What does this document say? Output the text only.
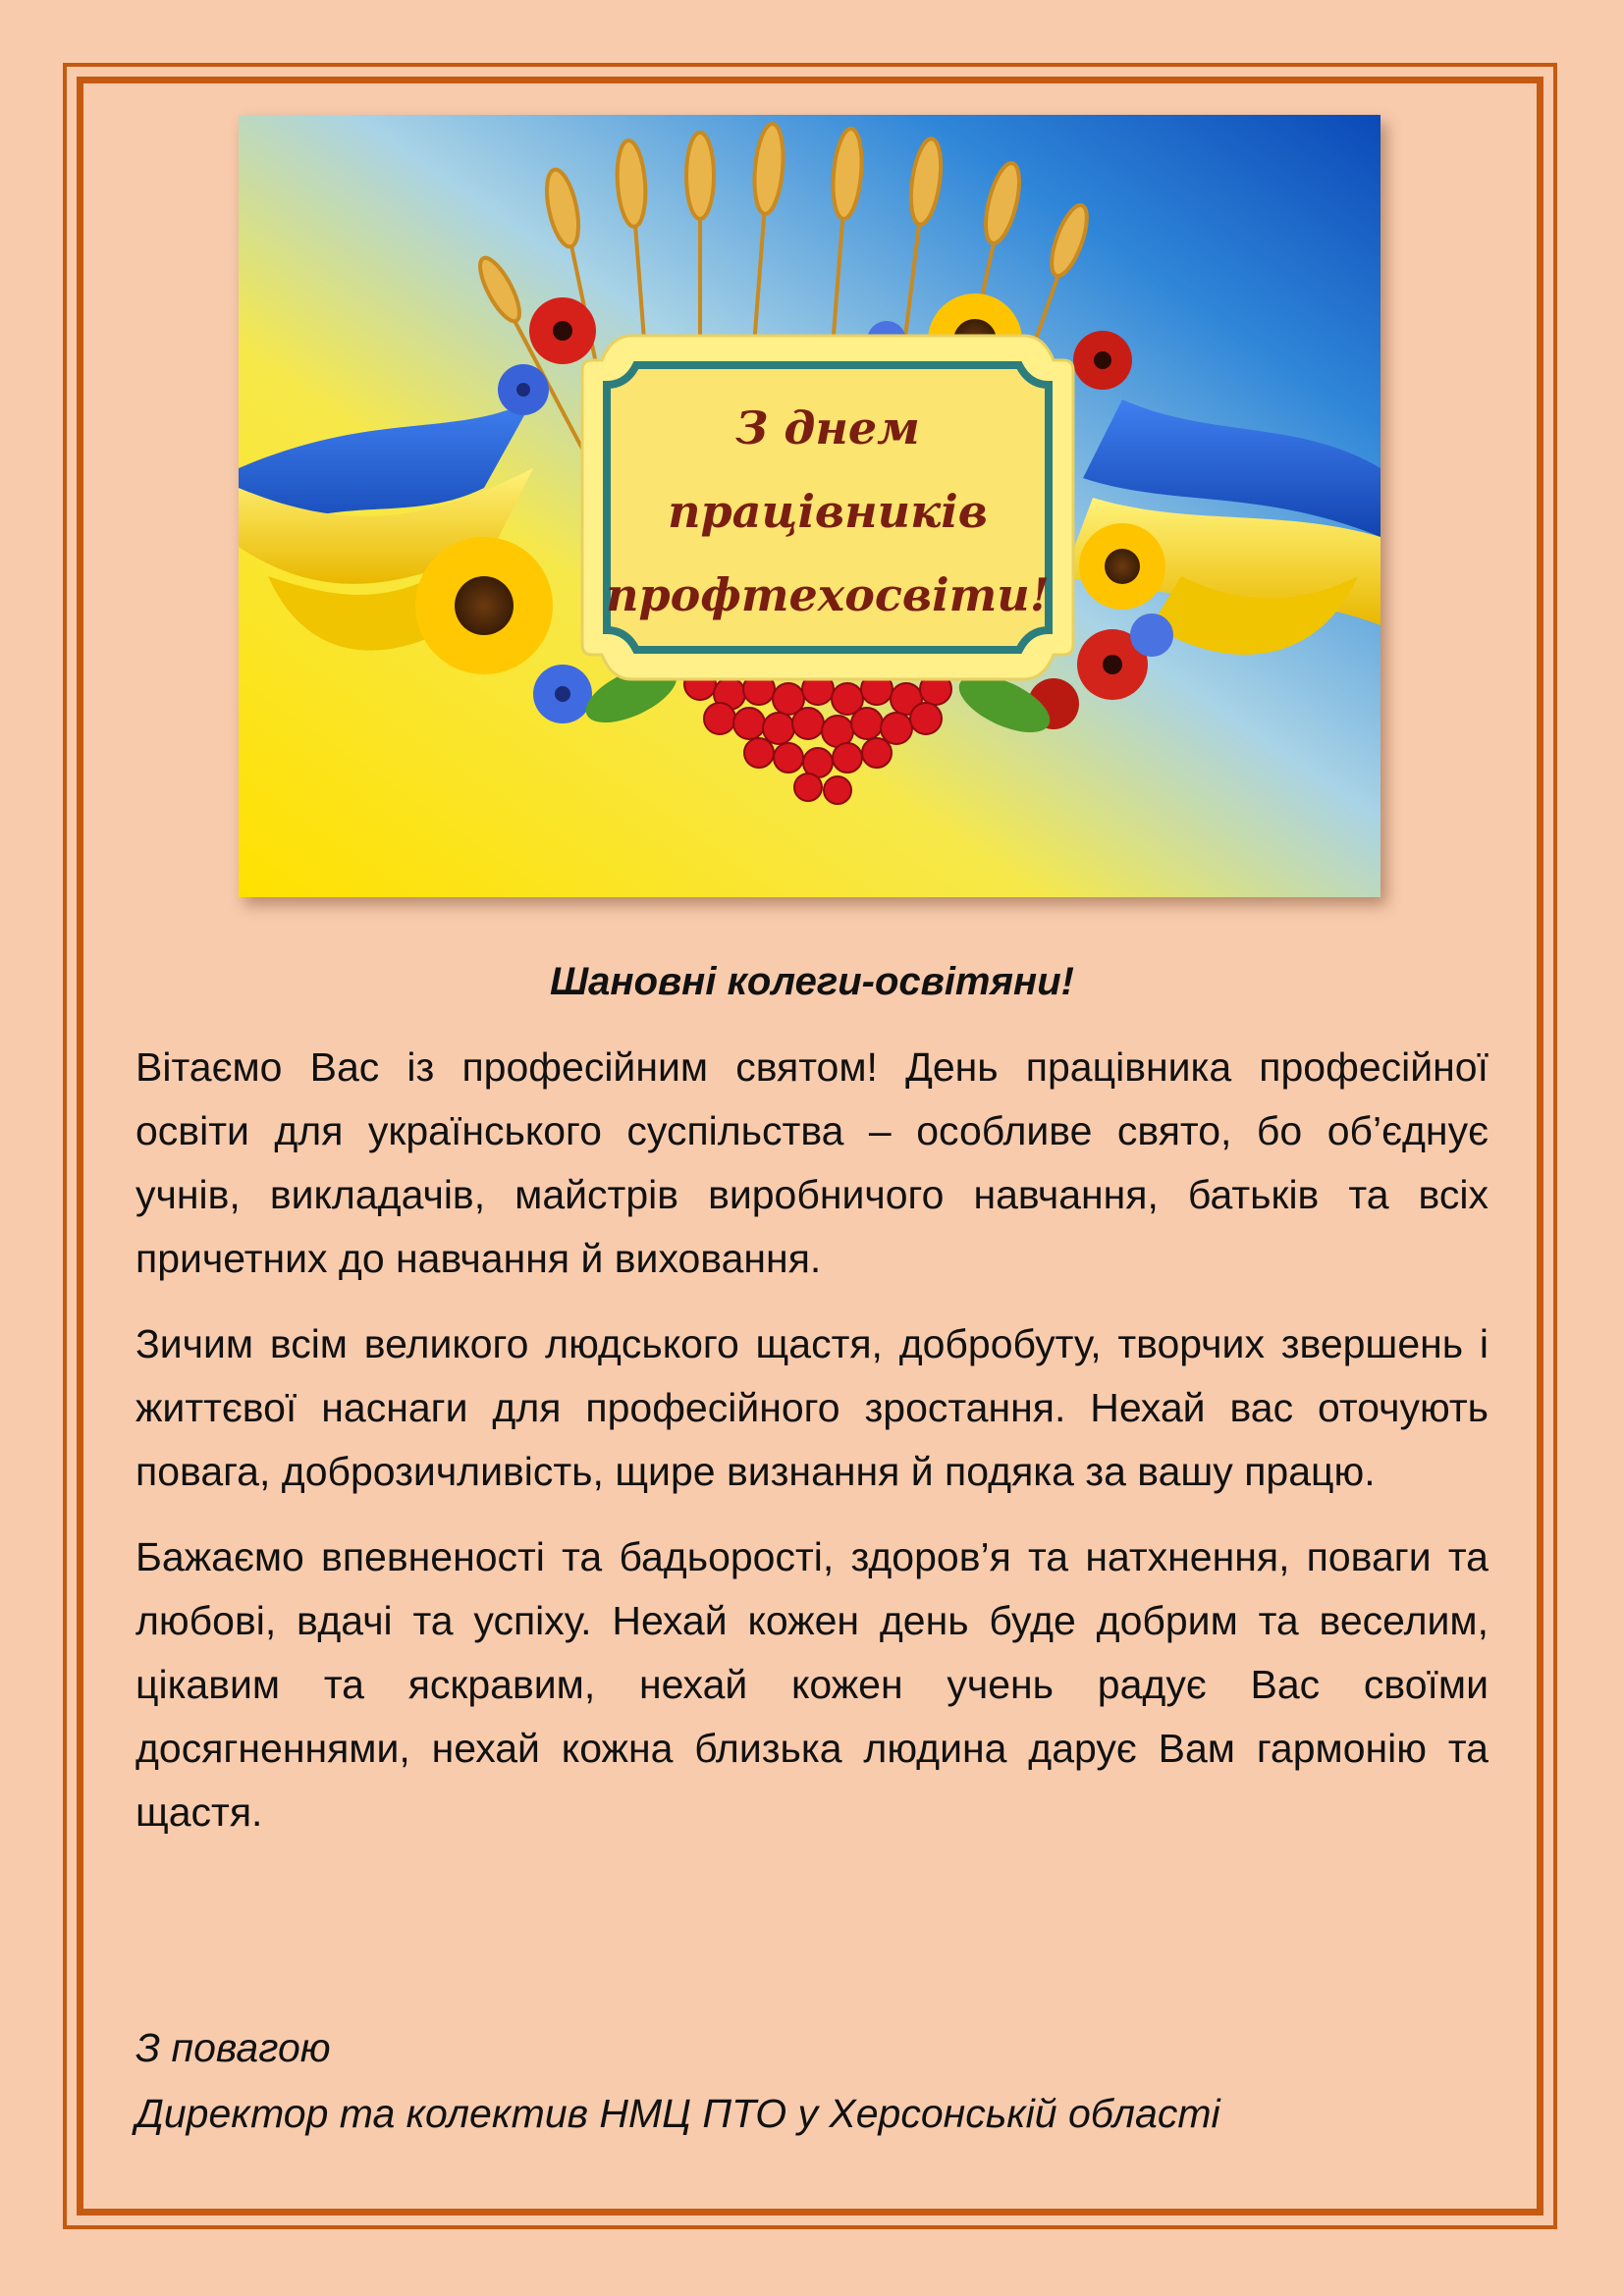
З днем
працівників
профтехосвіти!

Шановні колеги-освітяни!

Вітаємо Вас із професійним святом! День працівника професійної освіти для українського суспільства – особливе свято, бо об’єднує учнів, викладачів, майстрів виробничого навчання, батьків та всіх причетних до навчання й виховання.

Зичим всім великого людського щастя, добробуту, творчих звершень і життєвої наснаги для професійного зростання. Нехай вас оточують повага, доброзичливість, щире визнання й подяка за вашу працю.

Бажаємо впевненості та бадьорості, здоров’я та натхнення, поваги та любові, вдачі та успіху. Нехай кожен день буде добрим та веселим, цікавим та яскравим, нехай кожен учень радує Вас своїми досягненнями, нехай кожна близька людина дарує Вам гармонію та щастя.

З повагою
Директор та колектив НМЦ ПТО у Херсонській області
